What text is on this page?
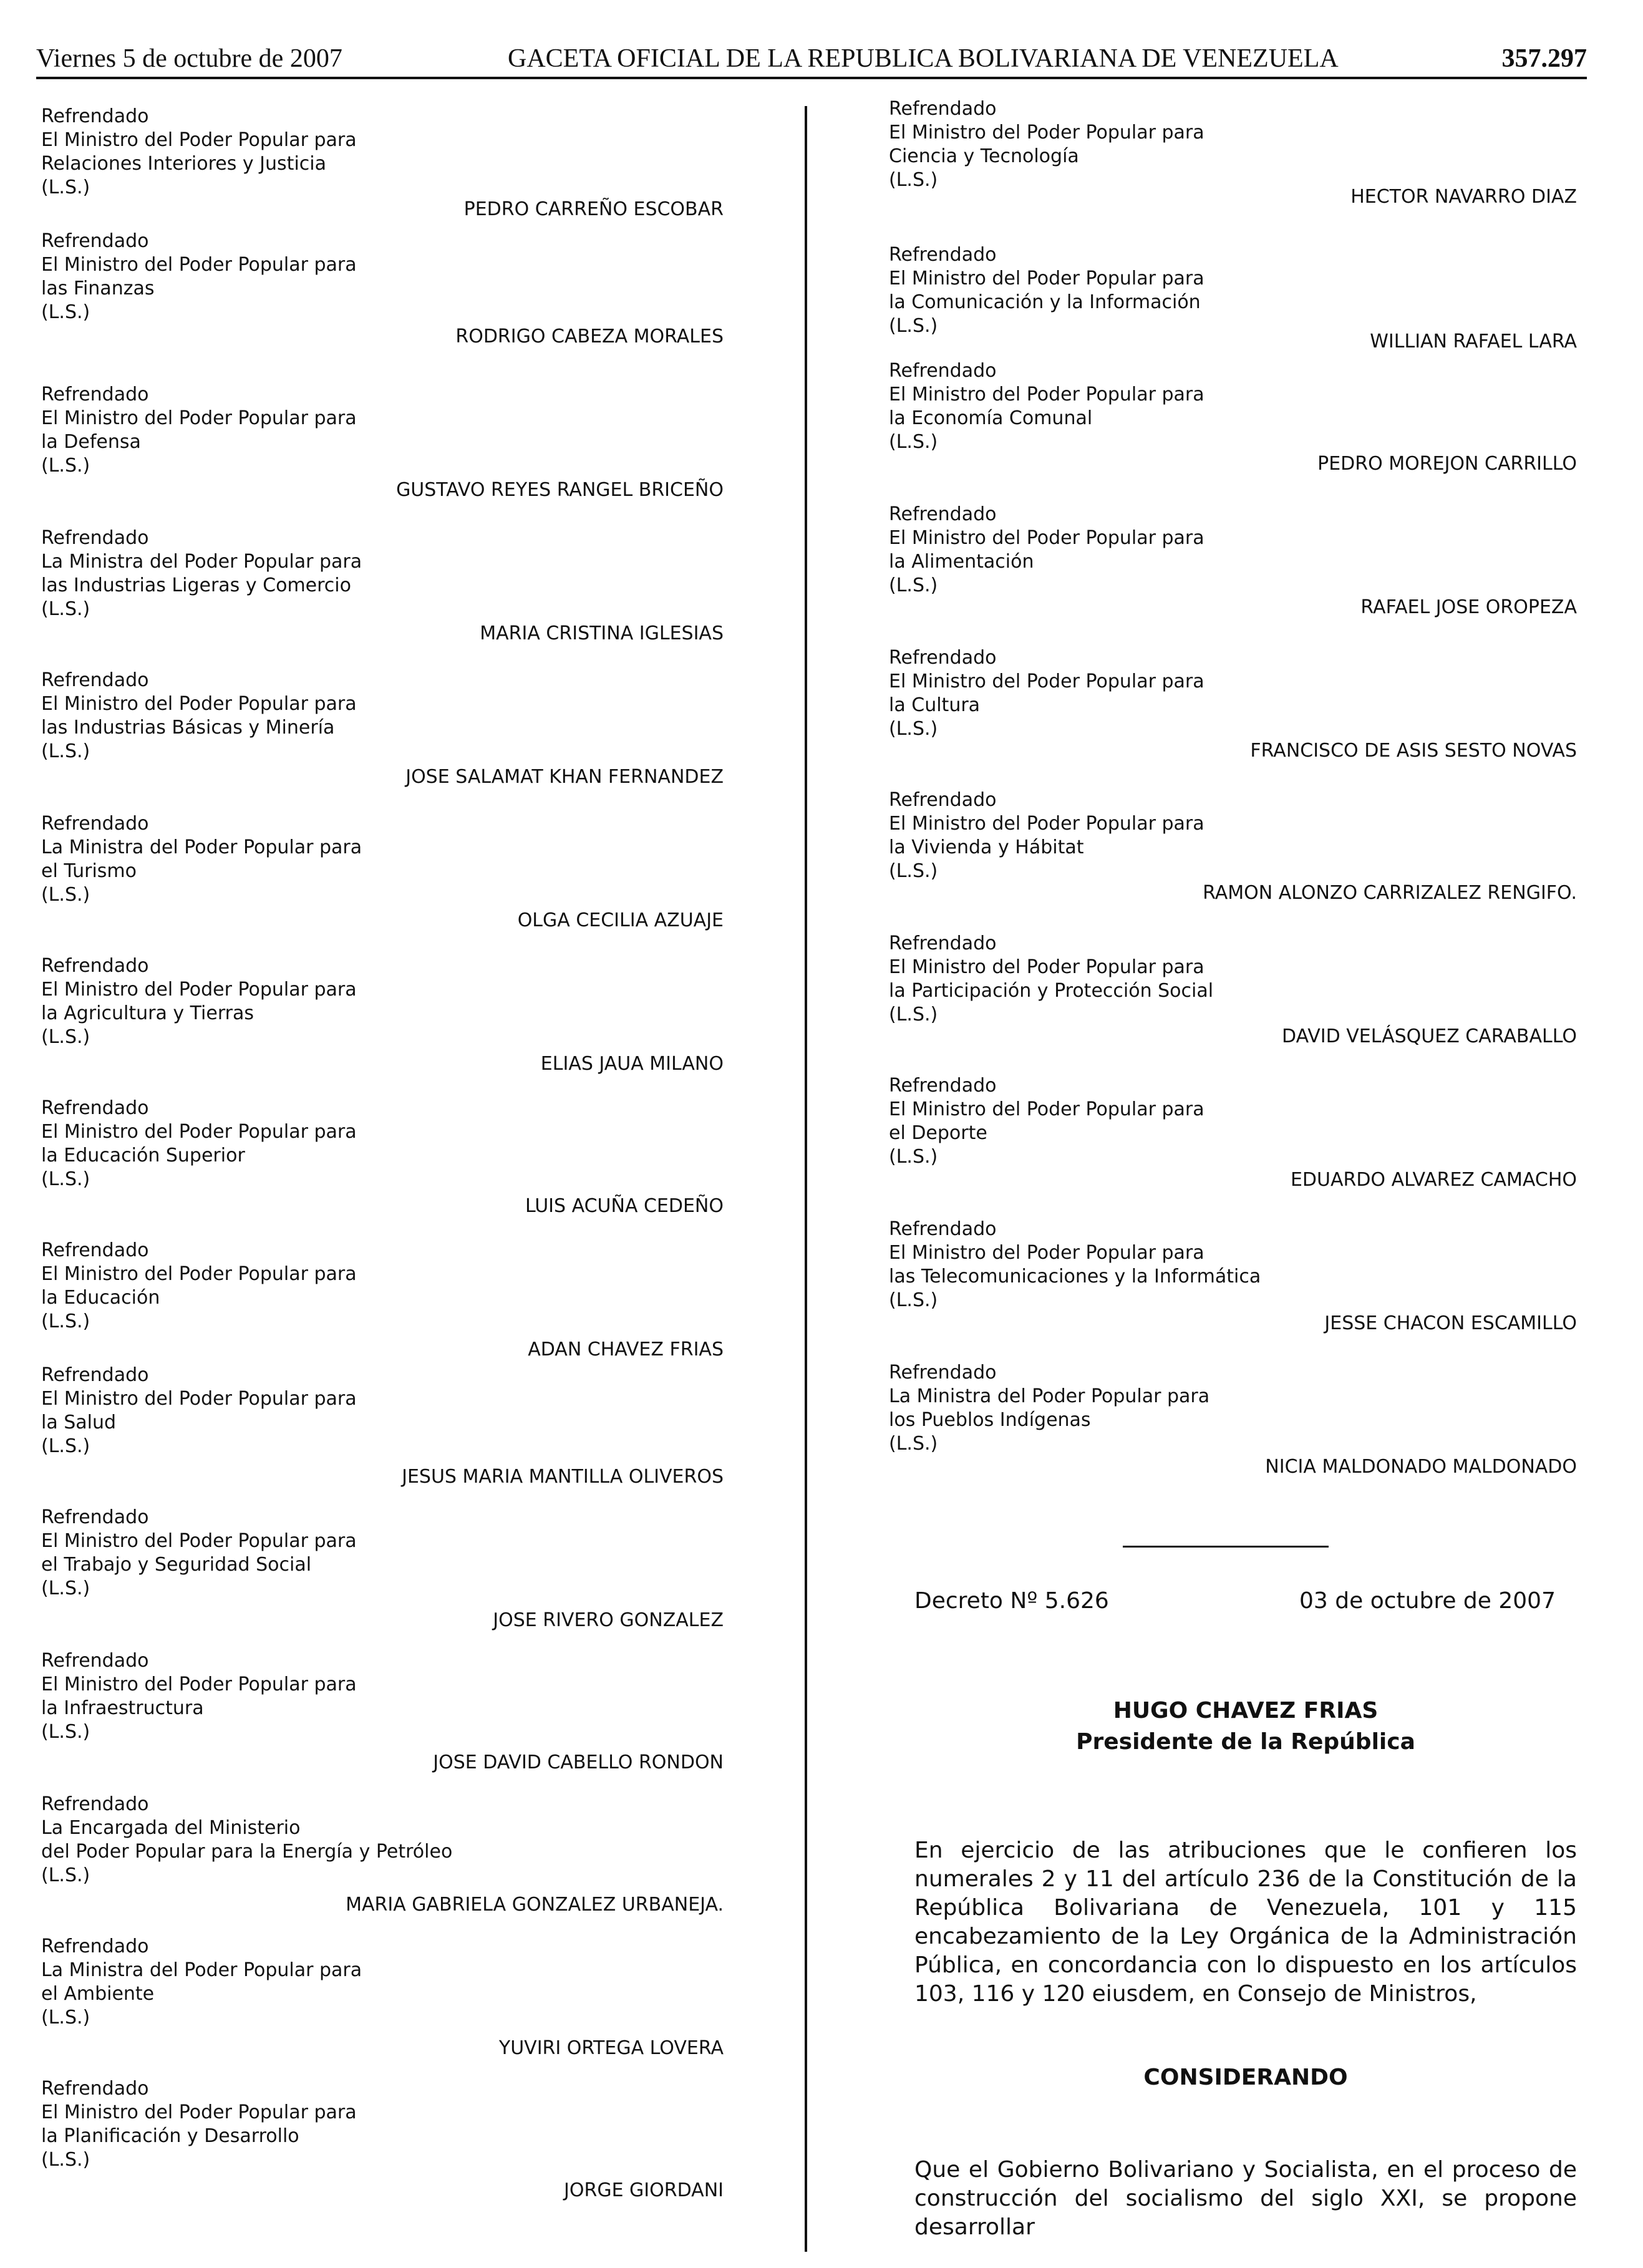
Viernes 5 de octubre de 2007	GACETA OFICIAL DE LA REPUBLICA BOLIVARIANA DE VENEZUELA	357.297
Refrendado
El Ministro del Poder Popular para
Relaciones Interiores y Justicia
(L.S.)
PEDRO CARREÑO ESCOBAR
Refrendado
El Ministro del Poder Popular para
las Finanzas
(L.S.)
RODRIGO CABEZA MORALES
Refrendado
El Ministro del Poder Popular para
la Defensa
(L.S.)
GUSTAVO REYES RANGEL BRICEÑO
Refrendado
La Ministra del Poder Popular para
las Industrias Ligeras y Comercio
(L.S.)
MARIA CRISTINA IGLESIAS
Refrendado
El Ministro del Poder Popular para
las Industrias Básicas y Minería
(L.S.)
JOSE SALAMAT KHAN FERNANDEZ
Refrendado
La Ministra del Poder Popular para
el Turismo
(L.S.)
OLGA CECILIA AZUAJE
Refrendado
El Ministro del Poder Popular para
la Agricultura y Tierras
(L.S.)
ELIAS JAUA MILANO
Refrendado
El Ministro del Poder Popular para
la Educación Superior
(L.S.)
LUIS ACUÑA CEDEÑO
Refrendado
El Ministro del Poder Popular para
la Educación
(L.S.)
ADAN CHAVEZ FRIAS
Refrendado
El Ministro del Poder Popular para
la Salud
(L.S.)
JESUS MARIA MANTILLA OLIVEROS
Refrendado
El Ministro del Poder Popular para
el Trabajo y Seguridad Social
(L.S.)
JOSE RIVERO GONZALEZ
Refrendado
El Ministro del Poder Popular para
la Infraestructura
(L.S.)
JOSE DAVID CABELLO RONDON
Refrendado
La Encargada del Ministerio
del Poder Popular para la Energía y Petróleo
(L.S.)
MARIA GABRIELA GONZALEZ URBANEJA.
Refrendado
La Ministra del Poder Popular para
el Ambiente
(L.S.)
YUVIRI ORTEGA LOVERA
Refrendado
El Ministro del Poder Popular para
la Planificación y Desarrollo
(L.S.)
JORGE GIORDANI
Refrendado
El Ministro del Poder Popular para
Ciencia y Tecnología
(L.S.)
HECTOR NAVARRO DIAZ
Refrendado
El Ministro del Poder Popular para
la Comunicación y la Información
(L.S.)
WILLIAN RAFAEL LARA
Refrendado
El Ministro del Poder Popular para
la Economía Comunal
(L.S.)
PEDRO MOREJON CARRILLO
Refrendado
El Ministro del Poder Popular para
la Alimentación
(L.S.)
RAFAEL JOSE OROPEZA
Refrendado
El Ministro del Poder Popular para
la Cultura
(L.S.)
FRANCISCO DE ASIS SESTO NOVAS
Refrendado
El Ministro del Poder Popular para
la Vivienda y Hábitat
(L.S.)
RAMON ALONZO CARRIZALEZ RENGIFO.
Refrendado
El Ministro del Poder Popular para
la Participación y Protección Social
(L.S.)
DAVID VELÁSQUEZ CARABALLO
Refrendado
El Ministro del Poder Popular para
el Deporte
(L.S.)
EDUARDO ALVAREZ CAMACHO
Refrendado
El Ministro del Poder Popular para
las Telecomunicaciones y la Informática
(L.S.)
JESSE CHACON ESCAMILLO
Refrendado
La Ministra del Poder Popular para
los Pueblos Indígenas
(L.S.)
NICIA MALDONADO MALDONADO
Decreto Nº 5.626	03 de octubre de 2007
HUGO CHAVEZ FRIAS
Presidente de la República
En ejercicio de las atribuciones que le confieren los numerales 2 y 11 del artículo 236 de la Constitución de la República Bolivariana de Venezuela, 101 y 115 encabezamiento de la Ley Orgánica de la Administración Pública, en concordancia con lo dispuesto en los artículos 103, 116 y 120 eiusdem, en Consejo de Ministros,
CONSIDERANDO
Que el Gobierno Bolivariano y Socialista, en el proceso de construcción del socialismo del siglo XXI, se propone desarrollar
